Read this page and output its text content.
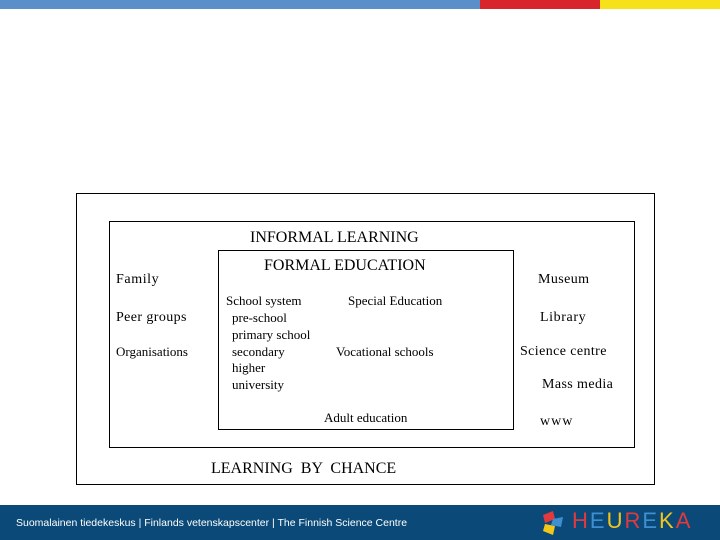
INFORMAL LEARNING
FORMAL EDUCATION
LEARNING  BY  CHANCE
Family
Peer groups
Organisations
Museum
Library
Science centre
Mass media
www
School system
pre-school
primary school
secondary
higher
university
Special Education
Vocational schools
Adult education
Suomalainen tiedekeskus | Finlands vetenskapscenter | The Finnish Science Centre	HEUREKA
